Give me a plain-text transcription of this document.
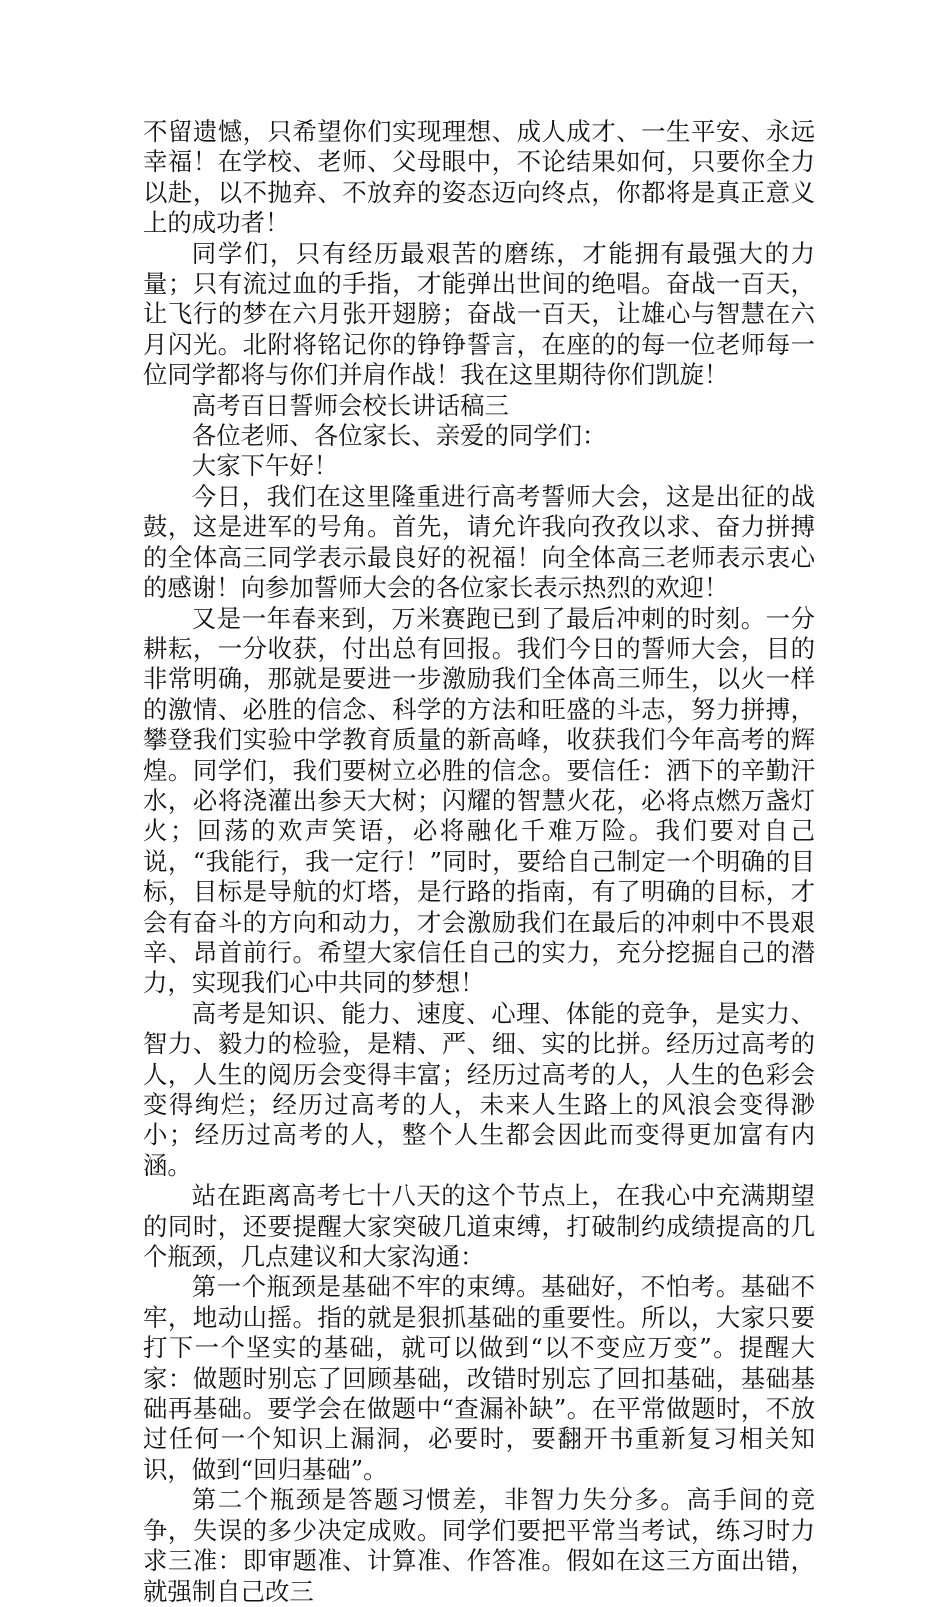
不留遗憾，只希望你们实现理想、成人成才、一生平安、永远幸福！在学校、老师、父母眼中，不论结果如何，只要你全力以赴，以不抛弃、不放弃的姿态迈向终点，你都将是真正意义上的成功者！

同学们，只有经历最艰苦的磨练，才能拥有最强大的力量；只有流过血的手指，才能弹出世间的绝唱。奋战一百天，让飞行的梦在六月张开翅膀；奋战一百天，让雄心与智慧在六月闪光。北附将铭记你的铮铮誓言，在座的的每一位老师每一位同学都将与你们并肩作战！我在这里期待你们凯旋！

高考百日誓师会校长讲话稿三

各位老师、各位家长、亲爱的同学们：

大家下午好！

今日，我们在这里隆重进行高考誓师大会，这是出征的战鼓，这是进军的号角。首先，请允许我向孜孜以求、奋力拼搏的全体高三同学表示最良好的祝福！向全体高三老师表示衷心的感谢！向参加誓师大会的各位家长表示热烈的欢迎！

又是一年春来到，万米赛跑已到了最后冲刺的时刻。一分耕耘，一分收获，付出总有回报。我们今日的誓师大会，目的非常明确，那就是要进一步激励我们全体高三师生，以火一样的激情、必胜的信念、科学的方法和旺盛的斗志，努力拼搏，攀登我们实验中学教育质量的新高峰，收获我们今年高考的辉煌。同学们，我们要树立必胜的信念。要信任：洒下的辛勤汗水，必将浇灌出参天大树；闪耀的智慧火花，必将点燃万盏灯火；回荡的欢声笑语，必将融化千难万险。我们要对自己说，“我能行，我一定行！”同时，要给自己制定一个明确的目标，目标是导航的灯塔，是行路的指南，有了明确的目标，才会有奋斗的方向和动力，才会激励我们在最后的冲刺中不畏艰辛、昂首前行。希望大家信任自己的实力，充分挖掘自己的潜力，实现我们心中共同的梦想！

高考是知识、能力、速度、心理、体能的竞争，是实力、智力、毅力的检验，是精、严、细、实的比拼。经历过高考的人，人生的阅历会变得丰富；经历过高考的人，人生的色彩会变得绚烂；经历过高考的人，未来人生路上的风浪会变得渺小；经历过高考的人，整个人生都会因此而变得更加富有内涵。

站在距离高考七十八天的这个节点上，在我心中充满期望的同时，还要提醒大家突破几道束缚，打破制约成绩提高的几个瓶颈，几点建议和大家沟通：

第一个瓶颈是基础不牢的束缚。基础好，不怕考。基础不牢，地动山摇。指的就是狠抓基础的重要性。所以，大家只要打下一个坚实的基础，就可以做到“以不变应万变”。提醒大家：做题时别忘了回顾基础，改错时别忘了回扣基础，基础基础再基础。要学会在做题中“查漏补缺”。在平常做题时，不放过任何一个知识上漏洞，必要时，要翻开书重新复习相关知识，做到“回归基础”。

第二个瓶颈是答题习惯差，非智力失分多。高手间的竞争，失误的多少决定成败。同学们要把平常当考试，练习时力求三准：即审题准、计算准、作答准。假如在这三方面出错，就强制自己改三
